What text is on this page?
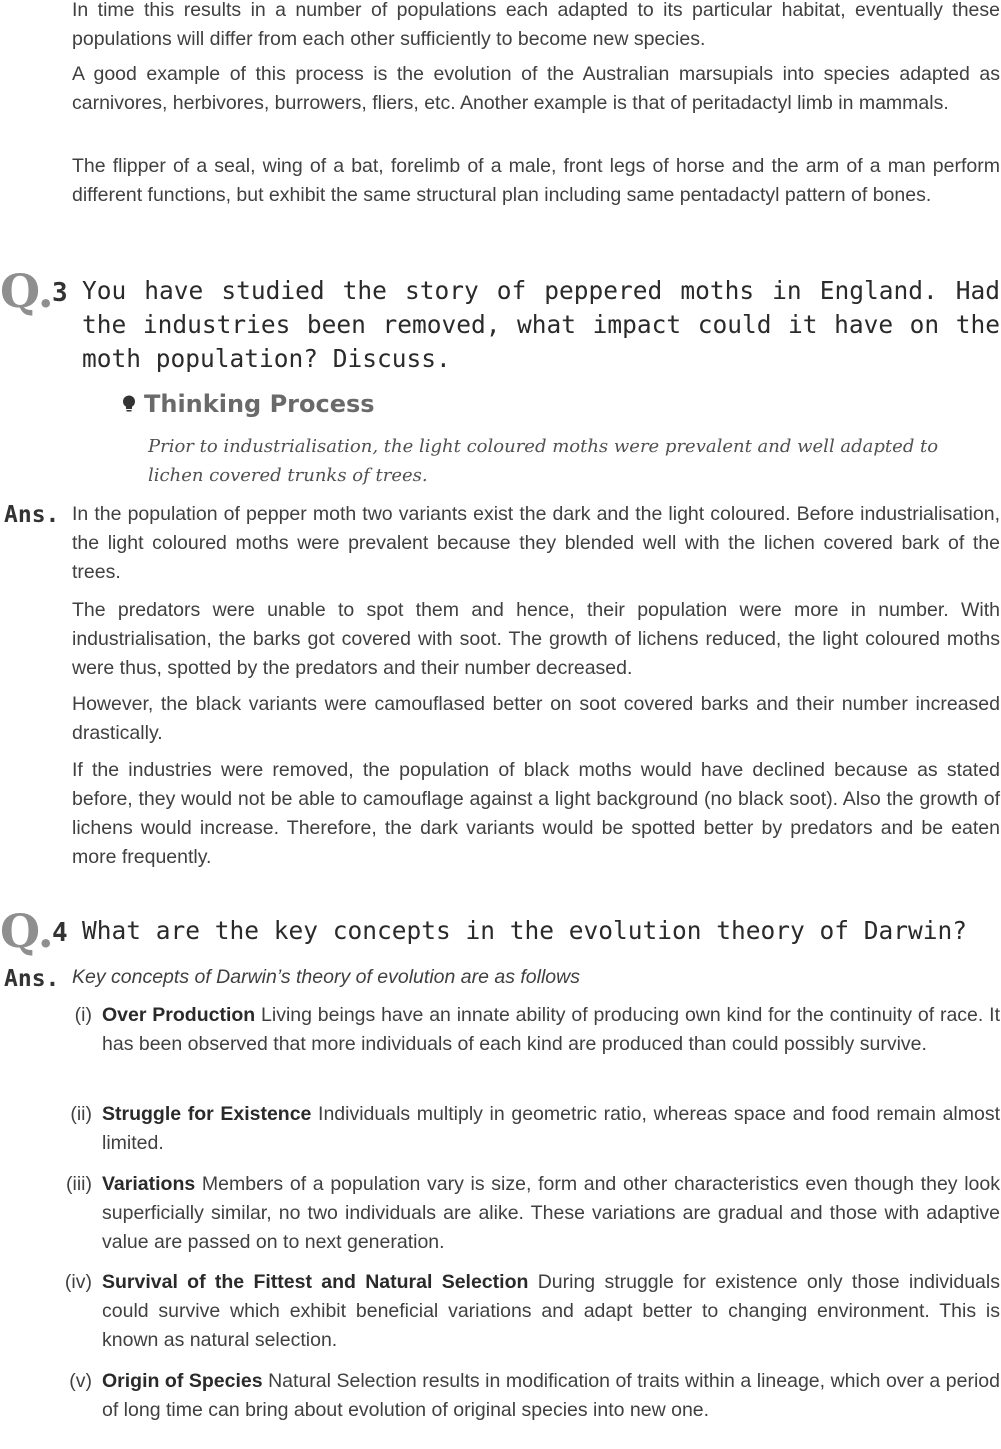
In time this results in a number of populations each adapted to its particular habitat, eventually these populations will differ from each other sufficiently to become new species.

A good example of this process is the evolution of the Australian marsupials into species adapted as carnivores, herbivores, burrowers, fliers, etc. Another example is that of peritadactyl limb in mammals.

The flipper of a seal, wing of a bat, forelimb of a male, front legs of horse and the arm of a man perform different functions, but exhibit the same structural plan including same pentadactyl pattern of bones.

Q.
3 You have studied the story of peppered moths in England. Had the industries been removed, what impact could it have on the moth population? Discuss.

Thinking Process

Prior to industrialisation, the light coloured moths were prevalent and well adapted to lichen covered trunks of trees.

Ans. In the population of pepper moth two variants exist the dark and the light coloured. Before industrialisation, the light coloured moths were prevalent because they blended well with the lichen covered bark of the trees.

The predators were unable to spot them and hence, their population were more in number. With industrialisation, the barks got covered with soot. The growth of lichens reduced, the light coloured moths were thus, spotted by the predators and their number decreased.

However, the black variants were camouflased better on soot covered barks and their number increased drastically.

If the industries were removed, the population of black moths would have declined because as stated before, they would not be able to camouflage against a light background (no black soot). Also the growth of lichens would increase. Therefore, the dark variants would be spotted better by predators and be eaten more frequently.

Q.
4 What are the key concepts in the evolution theory of Darwin?

Ans. Key concepts of Darwin’s theory of evolution are as follows

(i) Over Production Living beings have an innate ability of producing own kind for the continuity of race. It has been observed that more individuals of each kind are produced than could possibly survive.

(ii) Struggle for Existence Individuals multiply in geometric ratio, whereas space and food remain almost limited.

(iii) Variations Members of a population vary is size, form and other characteristics even though they look superficially similar, no two individuals are alike. These variations are gradual and those with adaptive value are passed on to next generation.

(iv) Survival of the Fittest and Natural Selection During struggle for existence only those individuals could survive which exhibit beneficial variations and adapt better to changing environment. This is known as natural selection.

(v) Origin of Species Natural Selection results in modification of traits within a lineage, which over a period of long time can bring about evolution of original species into new one.
